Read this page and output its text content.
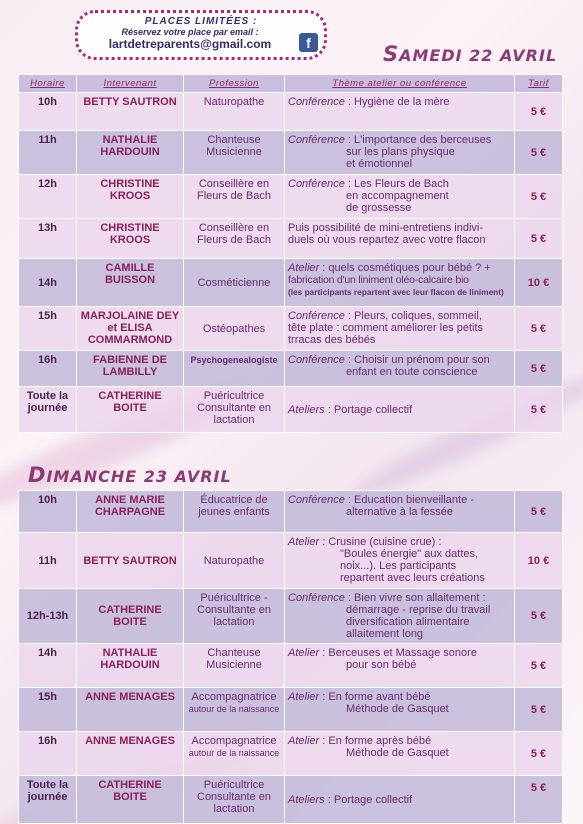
PLACES LIMITÉES :
Réservez votre place par email :
lartdetreparents@gmail.com	f	SAMEDI 22 AVRIL
Horaire	Intervenant	Profession	Thème atelier ou conférence	Tarif
10h	BETTY SAUTRON	Naturopathe	Conférence : Hygiène de la mère	5 €
11h	NATHALIE HARDOUIN	Chanteuse Musicienne	Conférence : L'importance des berceuses
sur les plans physique
et émotionnel	5 €
12h	CHRISTINE KROOS	Conseillère en Fleurs de Bach	Conférence : Les Fleurs de Bach
en accompagnement
de grossesse	5 €
13h	CHRISTINE KROOS	Conseillère en Fleurs de Bach	Puis possibilité de mini-entretiens indivi-
duels où vous repartez avec votre flacon	5 €
14h	CAMILLE BUISSON	Cosméticienne	Atelier : quels cosmétiques pour bébé ? +
fabrication d'un liniment oléo-calcaire bio
(les participants repartent avec leur flacon de liniment)	10 €
15h	MARJOLAINE DEY et ELISA COMMARMOND	Ostéopathes	Conférence : Pleurs, coliques, sommeil,
tête plate : comment améliorer les petits
trracas des bébés	5 €
16h	FABIENNE DE LAMBILLY	Psychogenealogiste	Conférence : Choisir un prénom pour son
enfant en toute conscience	5 €
Toute la journée	CATHERINE BOITE	Puéricultrice Consultante en lactation	Ateliers : Portage collectif	5 €
DIMANCHE 23 AVRIL
10h	ANNE MARIE CHARPAGNE	Éducatrice de jeunes enfants	Conférence : Education bienveillante -
alternative à la fessée	5 €
11h	BETTY SAUTRON	Naturopathe	Atelier : Crusine (cuisine crue) :
"Boules énergie" aux dattes,
noix...). Les participants
repartent avec leurs créations	10 €
12h-13h	CATHERINE BOITE	Puéricultrice - Consultante en lactation	Conférence : Bien vivre son allaitement :
démarrage - reprise du travail
diversification alimentaire
allaitement long	5 €
14h	NATHALIE HARDOUIN	Chanteuse Musicienne	Atelier : Berceuses et Massage sonore
pour son bébé	5 €
15h	ANNE MENAGES	Accompagnatrice
autour de la naissance	Atelier : En forme avant bébé
Méthode de Gasquet	5 €
16h	ANNE MENAGES	Accompagnatrice
autour de la naissance	Atelier : En forme après bébé
Méthode de Gasquet	5 €
Toute la journée	CATHERINE BOITE	Puéricultrice Consultante en lactation	Ateliers : Portage collectif	5 €
